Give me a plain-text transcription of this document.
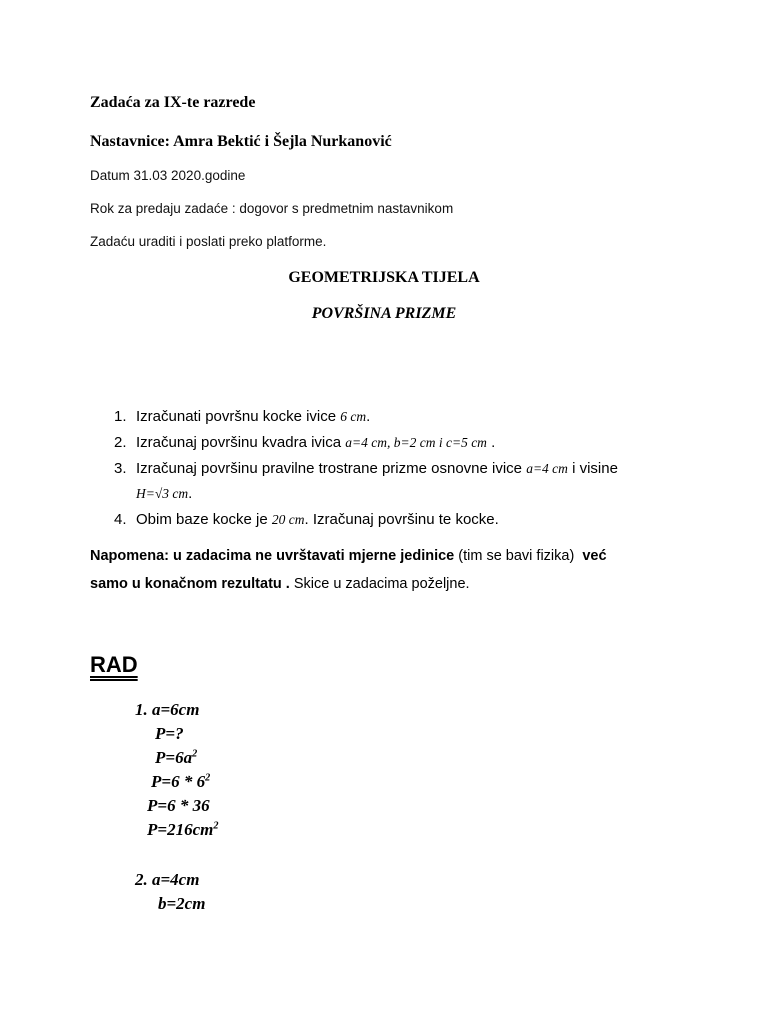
Zadaća za IX-te razrede
Nastavnice: Amra Bektić i Šejla Nurkanović
Datum 31.03 2020.godine
Rok za predaju zadaće : dogovor s predmetnim nastavnikom
Zadaću uraditi i poslati preko platforme.
GEOMETRIJSKA TIJELA
POVRŠINA PRIZME
1. Izračunati površnu kocke ivice 6 cm.
2. Izračunaj površinu kvadra ivica a=4 cm, b=2 cm i c=5 cm .
3. Izračunaj površinu pravilne trostrane prizme osnovne ivice a=4 cm i visine
H=√3 cm.
4. Obim baze kocke je 20 cm. Izračunaj površinu te kocke.
Napomena: u zadacima ne uvrštavati mjerne jedinice (tim se bavi fizika)  već
samo u konačnom rezultatu . Skice u zadacima poželjne.
RAD
1. a=6cm
P=?
$P=6a^2$
$P=6 * 6^2$
P=6 * 36
$P=216cm^2$
2. a=4cm
b=2cm
